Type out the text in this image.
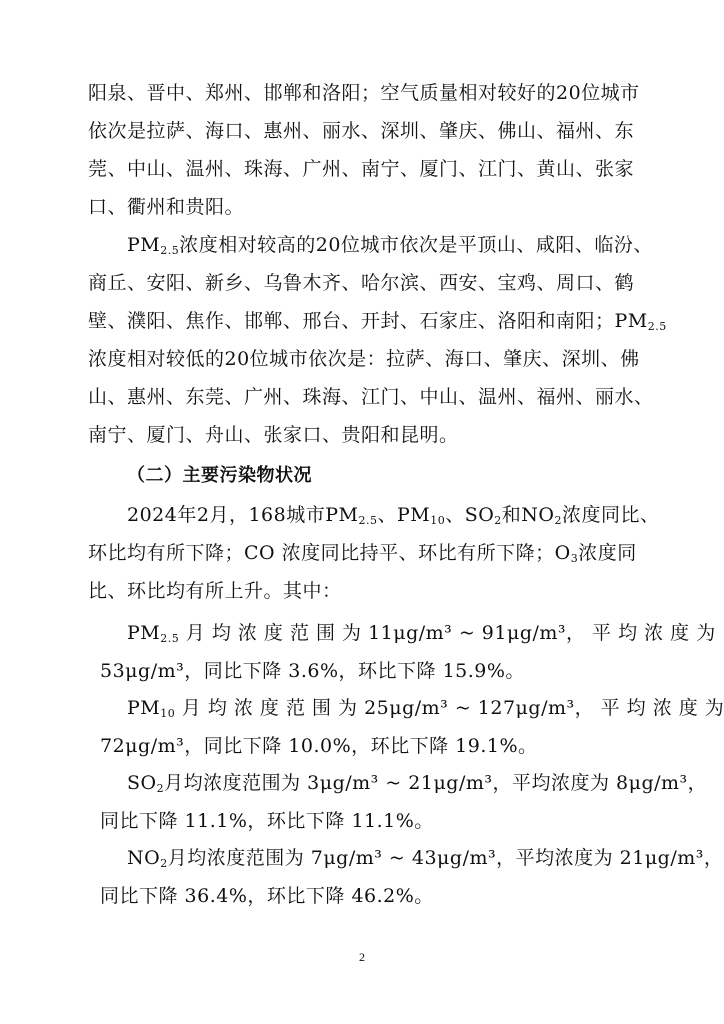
阳泉、晋中、郑州、邯郸和洛阳；空气质量相对较好的20位城市
依次是拉萨、海口、惠州、丽水、深圳、肇庆、佛山、福州、东
莞、中山、温州、珠海、广州、南宁、厦门、江门、黄山、张家
口、衢州和贵阳。
$PM_{2.5}$浓度相对较高的20位城市依次是平顶山、咸阳、临汾、
商丘、安阳、新乡、乌鲁木齐、哈尔滨、西安、宝鸡、周口、鹤
壁、濮阳、焦作、邯郸、邢台、开封、石家庄、洛阳和南阳；$PM_{2.5}$
浓度相对较低的20位城市依次是：拉萨、海口、肇庆、深圳、佛
山、惠州、东莞、广州、珠海、江门、中山、温州、福州、丽水、
南宁、厦门、舟山、张家口、贵阳和昆明。
（二）主要污染物状况
2024年2月，168城市$PM_{2.5}$、$PM_{10}$、$SO_2$和$NO_2$浓度同比、
环比均有所下降；CO 浓度同比持平、环比有所下降；$O_3$浓度同
比、环比均有所上升。其中：
$PM_{2.5}$ 月 均 浓 度 范 围 为 11μg/m³ ~ 91μg/m³， 平 均 浓 度 为
53μg/m³，同比下降 3.6%，环比下降 15.9%。
$PM_{10}$ 月 均 浓 度 范 围 为 25μg/m³ ~ 127μg/m³， 平 均 浓 度 为
72μg/m³，同比下降 10.0%，环比下降 19.1%。
$SO_2$月均浓度范围为 3μg/m³ ~ 21μg/m³，平均浓度为 8μg/m³，
同比下降 11.1%，环比下降 11.1%。
$NO_2$月均浓度范围为 7μg/m³ ~ 43μg/m³，平均浓度为 21μg/m³，
同比下降 36.4%，环比下降 46.2%。
2
